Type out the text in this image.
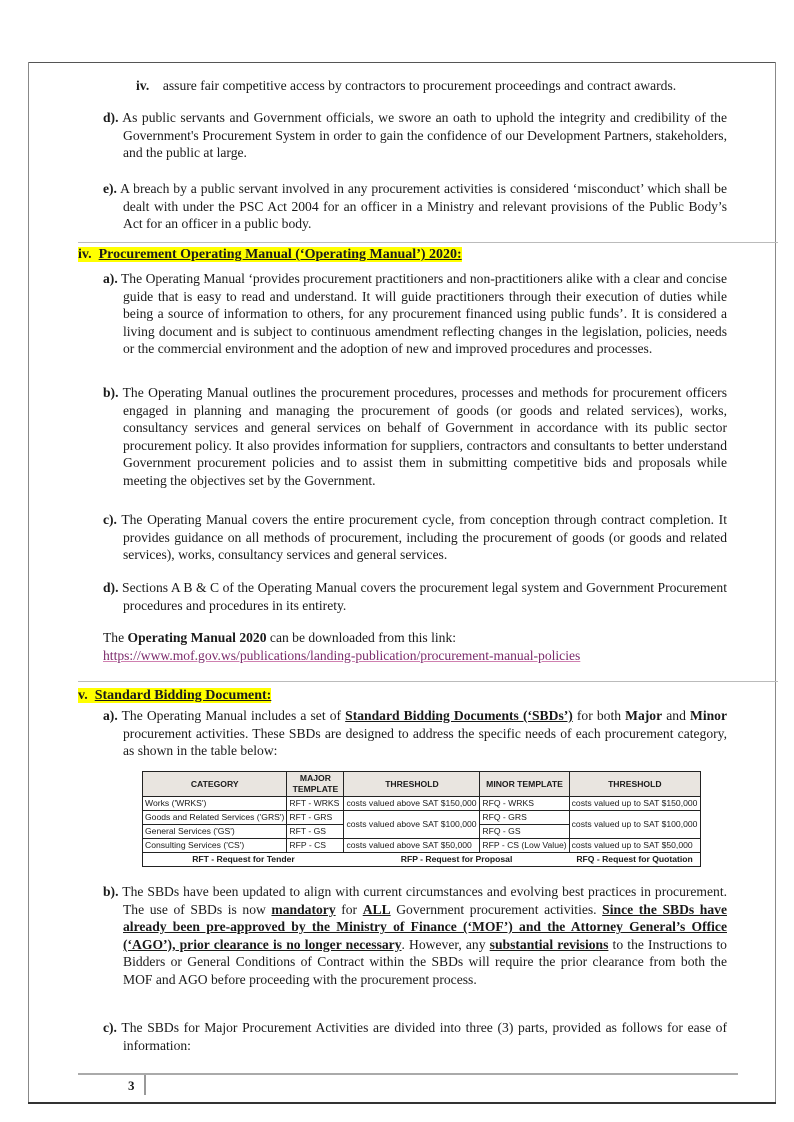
iv. assure fair competitive access by contractors to procurement proceedings and contract awards.
d). As public servants and Government officials, we swore an oath to uphold the integrity and credibility of the Government's Procurement System in order to gain the confidence of our Development Partners, stakeholders, and the public at large.
e). A breach by a public servant involved in any procurement activities is considered ‘misconduct’ which shall be dealt with under the PSC Act 2004 for an officer in a Ministry and relevant provisions of the Public Body’s Act for an officer in a public body.
iv. Procurement Operating Manual (‘Operating Manual’) 2020:
a). The Operating Manual ‘provides procurement practitioners and non-practitioners alike with a clear and concise guide that is easy to read and understand. It will guide practitioners through their execution of duties while being a source of information to others, for any procurement financed using public funds’. It is considered a living document and is subject to continuous amendment reflecting changes in the legislation, policies, needs or the commercial environment and the adoption of new and improved procedures and processes.
b). The Operating Manual outlines the procurement procedures, processes and methods for procurement officers engaged in planning and managing the procurement of goods (or goods and related services), works, consultancy services and general services on behalf of Government in accordance with its public sector procurement policy. It also provides information for suppliers, contractors and consultants to better understand Government procurement policies and to assist them in submitting competitive bids and proposals while meeting the objectives set by the Government.
c). The Operating Manual covers the entire procurement cycle, from conception through contract completion. It provides guidance on all methods of procurement, including the procurement of goods (or goods and related services), works, consultancy services and general services.
d). Sections A B & C of the Operating Manual covers the procurement legal system and Government Procurement procedures and procedures in its entirety.
The Operating Manual 2020 can be downloaded from this link:
https://www.mof.gov.ws/publications/landing-publication/procurement-manual-policies
v. Standard Bidding Document:
a). The Operating Manual includes a set of Standard Bidding Documents (‘SBDs’) for both Major and Minor procurement activities. These SBDs are designed to address the specific needs of each procurement category, as shown in the table below:
CATEGORY	MAJOR TEMPLATE	THRESHOLD	MINOR TEMPLATE	THRESHOLD
Works ('WRKS')	RFT - WRKS	costs valued above SAT $150,000	RFQ - WRKS	costs valued up to SAT $150,000
Goods and Related Services ('GRS')	RFT - GRS	costs valued above SAT $100,000	RFQ - GRS	costs valued up to SAT $100,000
General Services ('GS')	RFT - GS		RFQ - GS	
Consulting Services ('CS')	RFP - CS	costs valued above SAT $50,000	RFP - CS (Low Value)	costs valued up to SAT $50,000
RFT - Request for Tender		RFP - Request for Proposal		RFQ - Request for Quotation
b). The SBDs have been updated to align with current circumstances and evolving best practices in procurement. The use of SBDs is now mandatory for ALL Government procurement activities. Since the SBDs have already been pre-approved by the Ministry of Finance (‘MOF’) and the Attorney General’s Office (‘AGO’), prior clearance is no longer necessary. However, any substantial revisions to the Instructions to Bidders or General Conditions of Contract within the SBDs will require the prior clearance from both the MOF and AGO before proceeding with the procurement process.
c). The SBDs for Major Procurement Activities are divided into three (3) parts, provided as follows for ease of information:
3
